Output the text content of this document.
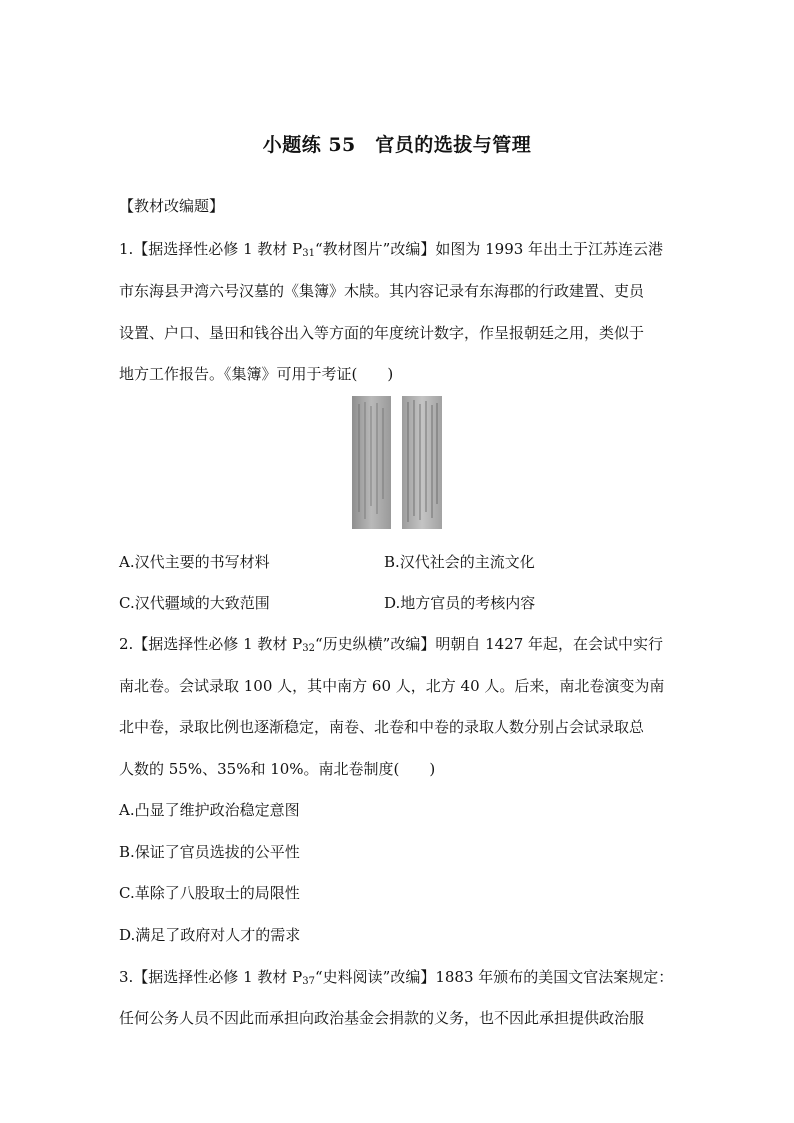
小题练 55　官员的选拔与管理
【教材改编题】
1.【据选择性必修 1 教材 $P_{31}“$教材图片”改编】如图为 1993 年出土于江苏连云港
市东海县尹湾六号汉墓的《集簿》木牍。其内容记录有东海郡的行政建置、吏员
设置、户口、垦田和钱谷出入等方面的年度统计数字，作呈报朝廷之用，类似于
地方工作报告。《集簿》可用于考证(　　)
A.汉代主要的书写材料	B.汉代社会的主流文化
C.汉代疆域的大致范围	D.地方官员的考核内容
2.【据选择性必修 1 教材 $P_{32}“$历史纵横”改编】明朝自 1427 年起，在会试中实行
南北卷。会试录取 100 人，其中南方 60 人，北方 40 人。后来，南北卷演变为南
北中卷，录取比例也逐渐稳定，南卷、北卷和中卷的录取人数分别占会试录取总
人数的 55%、35%和 10%。南北卷制度(　　)
A.凸显了维护政治稳定意图
B.保证了官员选拔的公平性
C.革除了八股取士的局限性
D.满足了政府对人才的需求
3.【据选择性必修 1 教材 $P_{37}“$史料阅读”改编】1883 年颁布的美国文官法案规定：
任何公务人员不因此而承担向政治基金会捐款的义务，也不因此承担提供政治服
